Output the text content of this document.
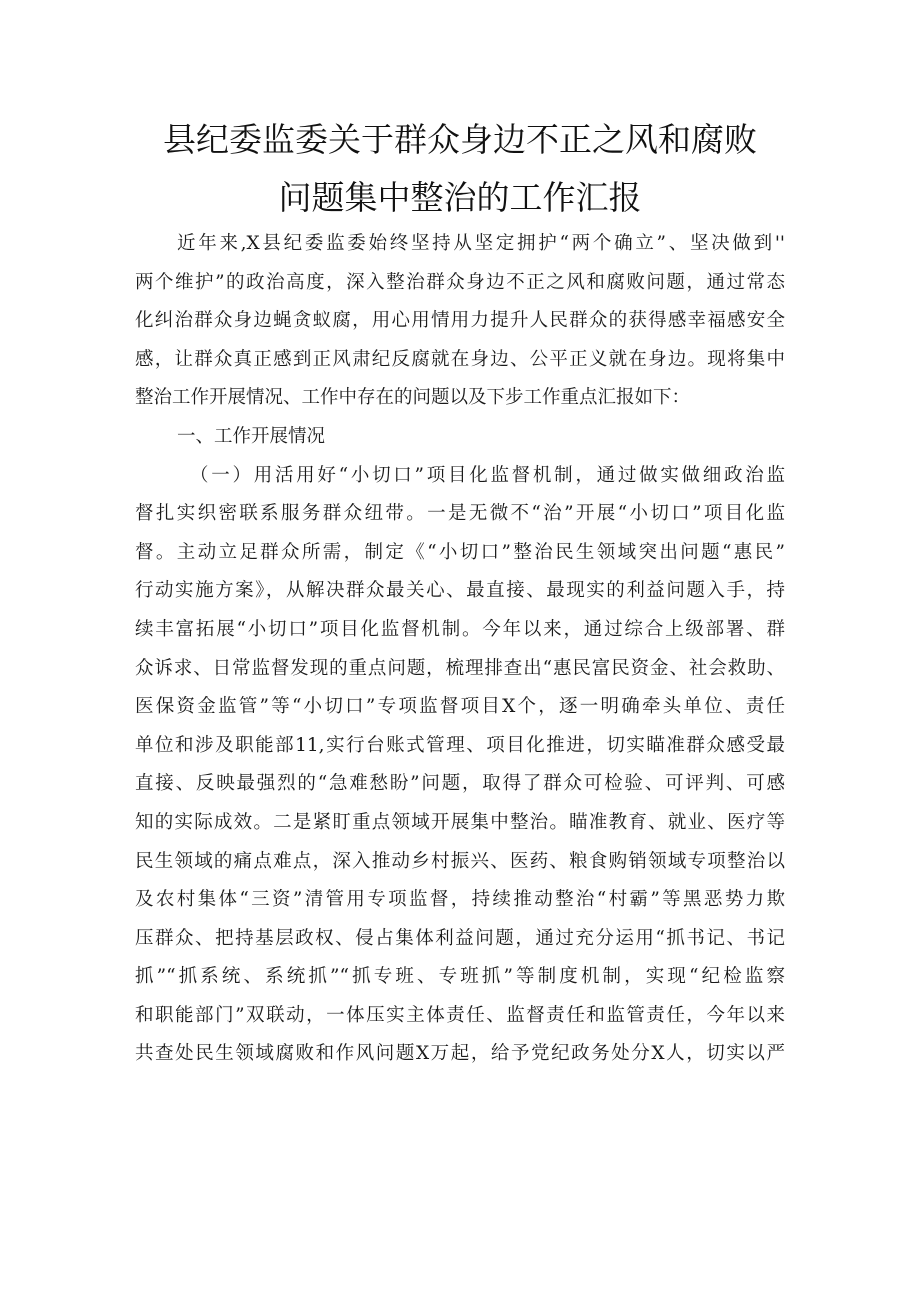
县纪委监委关于群众身边不正之风和腐败
问题集中整治的工作汇报
近年来,X县纪委监委始终坚持从坚定拥护“两个确立”、坚决做到''
两个维护”的政治高度，深入整治群众身边不正之风和腐败问题，通过常态
化纠治群众身边蝇贪蚁腐，用心用情用力提升人民群众的获得感幸福感安全
感，让群众真正感到正风肃纪反腐就在身边、公平正义就在身边。现将集中
整治工作开展情况、工作中存在的问题以及下步工作重点汇报如下：
一、工作开展情况
（一）用活用好“小切口”项目化监督机制，通过做实做细政治监
督扎实织密联系服务群众纽带。一是无微不“治”开展“小切口”项目化监
督。主动立足群众所需，制定《“小切口”整治民生领域突出问题“惠民”
行动实施方案》，从解决群众最关心、最直接、最现实的利益问题入手，持
续丰富拓展“小切口”项目化监督机制。今年以来，通过综合上级部署、群
众诉求、日常监督发现的重点问题，梳理排查出“惠民富民资金、社会救助、
医保资金监管”等“小切口”专项监督项目X个，逐一明确牵头单位、责任
单位和涉及职能部11,实行台账式管理、项目化推进，切实瞄准群众感受最
直接、反映最强烈的“急难愁盼”问题，取得了群众可检验、可评判、可感
知的实际成效。二是紧盯重点领域开展集中整治。瞄准教育、就业、医疗等
民生领域的痛点难点，深入推动乡村振兴、医药、粮食购销领域专项整治以
及农村集体“三资”清管用专项监督，持续推动整治“村霸”等黑恶势力欺
压群众、把持基层政权、侵占集体利益问题，通过充分运用“抓书记、书记
抓”“抓系统、系统抓”“抓专班、专班抓”等制度机制，实现“纪检监察
和职能部门”双联动，一体压实主体责任、监督责任和监管责任，今年以来
共查处民生领域腐败和作风问题X万起，给予党纪政务处分X人，切实以严
